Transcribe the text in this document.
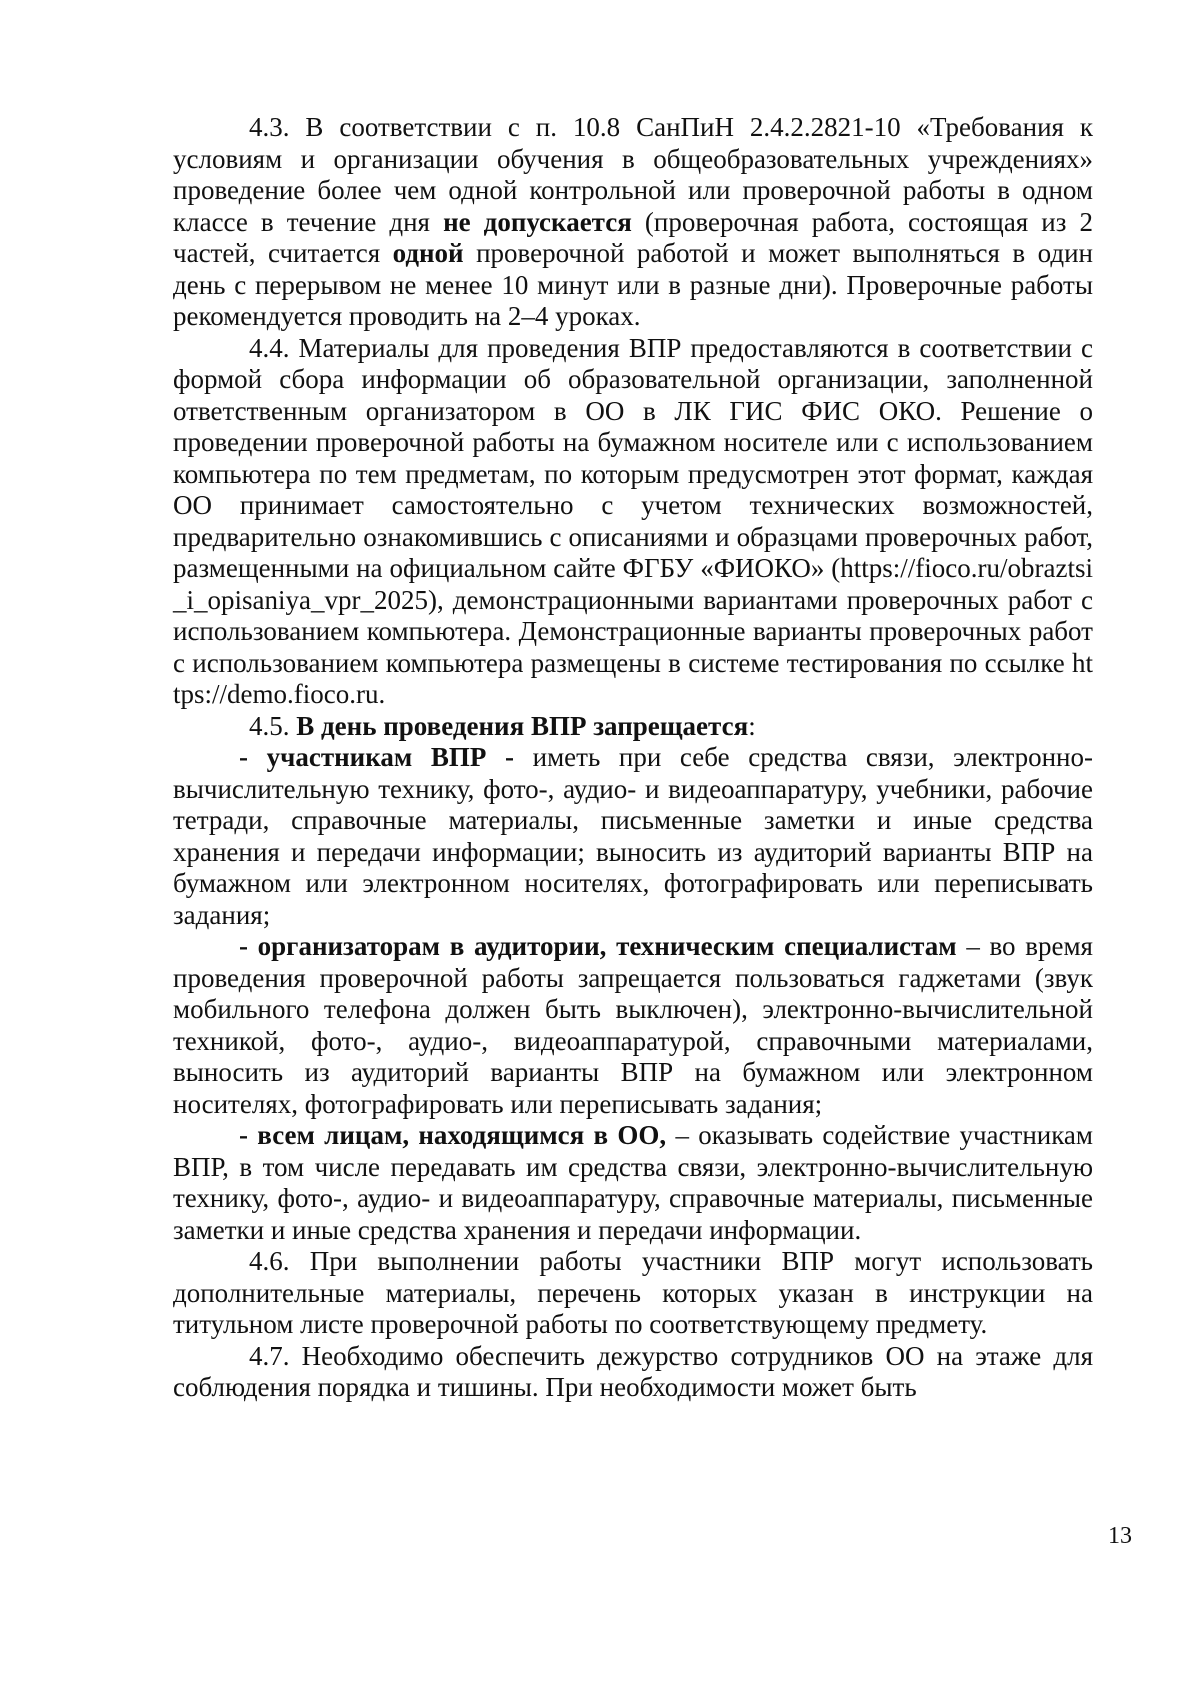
4.3. В соответствии с п. 10.8 СанПиН 2.4.2.2821-10 «Требования к условиям и организации обучения в общеобразовательных учреждениях» проведение более чем одной контрольной или проверочной работы в одном классе в течение дня не допускается (проверочная работа, состоящая из 2 частей, считается одной проверочной работой и может выполняться в один день с перерывом не менее 10 минут или в разные дни). Проверочные работы рекомендуется проводить на 2–4 уроках.

4.4. Материалы для проведения ВПР предоставляются в соответствии с формой сбора информации об образовательной организации, заполненной ответственным организатором в ОО в ЛК ГИС ФИС ОКО. Решение о проведении проверочной работы на бумажном носителе или с использованием компьютера по тем предметам, по которым предусмотрен этот формат, каждая ОО принимает самостоятельно с учетом технических возможностей, предварительно ознакомившись с описаниями и образцами проверочных работ, размещенными на официальном сайте ФГБУ «ФИОКО» (https://fioco.ru/obraztsi_i_opisaniya_vpr_2025), демонстрационными вариантами проверочных работ с использованием компьютера. Демонстрационные варианты проверочных работ с использованием компьютера размещены в системе тестирования по ссылке https://demo.fioco.ru.

4.5. В день проведения ВПР запрещается:

- участникам ВПР - иметь при себе средства связи, электронно-вычислительную технику, фото-, аудио- и видеоаппаратуру, учебники, рабочие тетради, справочные материалы, письменные заметки и иные средства хранения и передачи информации; выносить из аудиторий варианты ВПР на бумажном или электронном носителях, фотографировать или переписывать задания;

- организаторам в аудитории, техническим специалистам – во время проведения проверочной работы запрещается пользоваться гаджетами (звук мобильного телефона должен быть выключен), электронно-вычислительной техникой, фото-, аудио-, видеоаппаратурой, справочными материалами, выносить из аудиторий варианты ВПР на бумажном или электронном носителях, фотографировать или переписывать задания;

- всем лицам, находящимся в ОО, – оказывать содействие участникам ВПР, в том числе передавать им средства связи, электронно-вычислительную технику, фото-, аудио- и видеоаппаратуру, справочные материалы, письменные заметки и иные средства хранения и передачи информации.

4.6. При выполнении работы участники ВПР могут использовать дополнительные материалы, перечень которых указан в инструкции на титульном листе проверочной работы по соответствующему предмету.

4.7. Необходимо обеспечить дежурство сотрудников ОО на этаже для соблюдения порядка и тишины. При необходимости может быть

13
